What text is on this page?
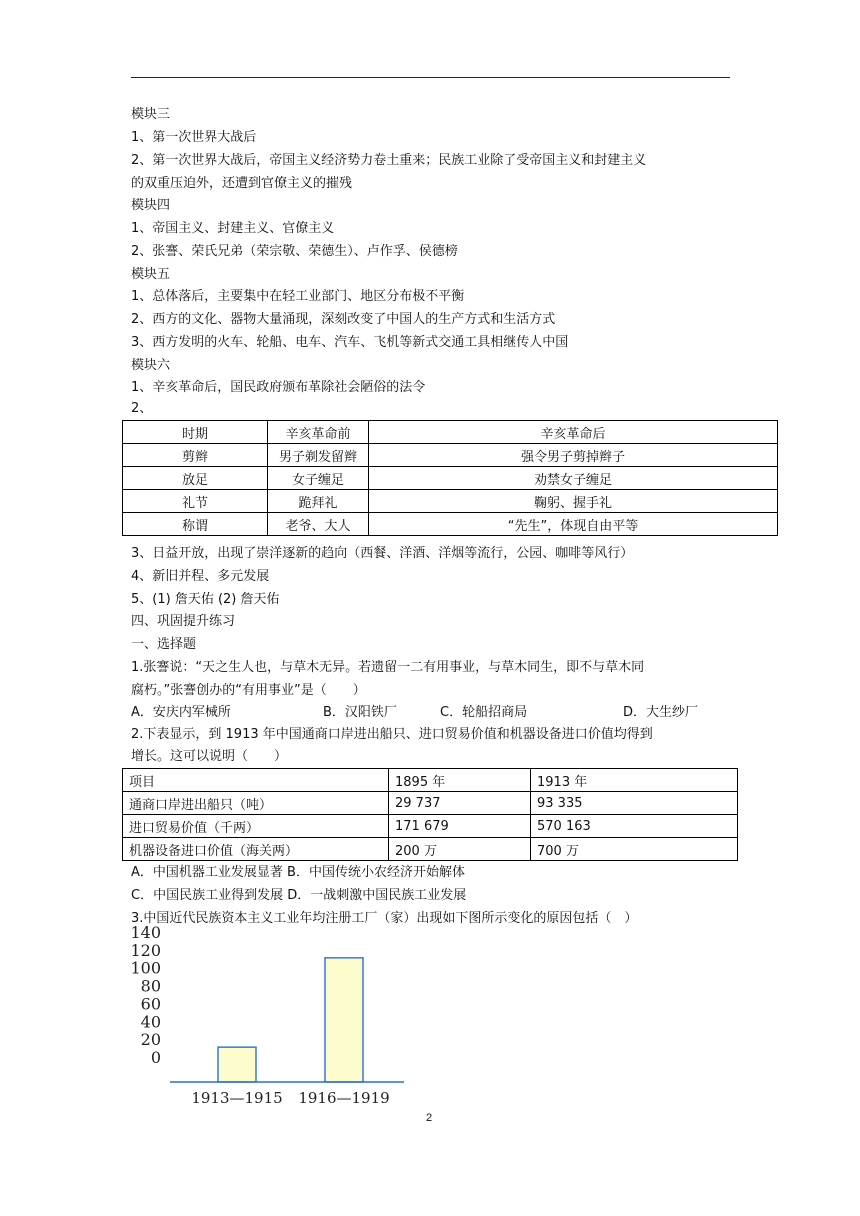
模块三
1、第一次世界大战后
2、第一次世界大战后，帝国主义经济势力卷土重来；民族工业除了受帝国主义和封建主义
的双重压迫外，还遭到官僚主义的摧残
模块四
1、帝国主义、封建主义、官僚主义
2、张謇、荣氏兄弟（荣宗敬、荣德生）、卢作孚、侯德榜
模块五
1、总体落后，主要集中在轻工业部门、地区分布极不平衡
2、西方的文化、器物大量涌现，深刻改变了中国人的生产方式和生活方式
3、西方发明的火车、轮船、电车、汽车、飞机等新式交通工具相继传人中国
模块六
1、辛亥革命后，国民政府颁布革除社会陋俗的法令
2、
时期	辛亥革命前	辛亥革命后
剪辫	男子剃发留辫	强令男子剪掉辫子
放足	女子缠足	劝禁女子缠足
礼节	跪拜礼	鞠躬、握手礼
称谓	老爷、大人	“先生”，体现自由平等
3、日益开放，出现了崇洋逐新的趋向（西餐、洋酒、洋烟等流行，公园、咖啡等风行）
4、新旧并程、多元发展
5、(1) 詹天佑 (2) 詹天佑
四、巩固提升练习
一、选择题
1.张謇说：“天之生人也，与草木无异。若遗留一二有用事业，与草木同生，即不与草木同
腐朽。”张謇创办的“有用事业”是（　　）
A．安庆内军械所	B．汉阳铁厂	C．轮船招商局	D．大生纱厂
2.下表显示，到 1913 年中国通商口岸进出船只、进口贸易价值和机器设备进口价值均得到
增长。这可以说明（　　）
项目	1895 年	1913 年
通商口岸进出船只（吨）	29 737	93 335
进口贸易价值（千两）	171 679	570 163
机器设备进口价值（海关两）	200 万	700 万
A．中国机器工业发展显著 B．中国传统小农经济开始解体
C．中国民族工业得到发展 D．一战刺激中国民族工业发展
3.中国近代民族资本主义工业年均注册工厂（家）出现如下图所示变化的原因包括（　）
140
120
100
80
60
40
20
0
1913—1915 1916—1919
2
